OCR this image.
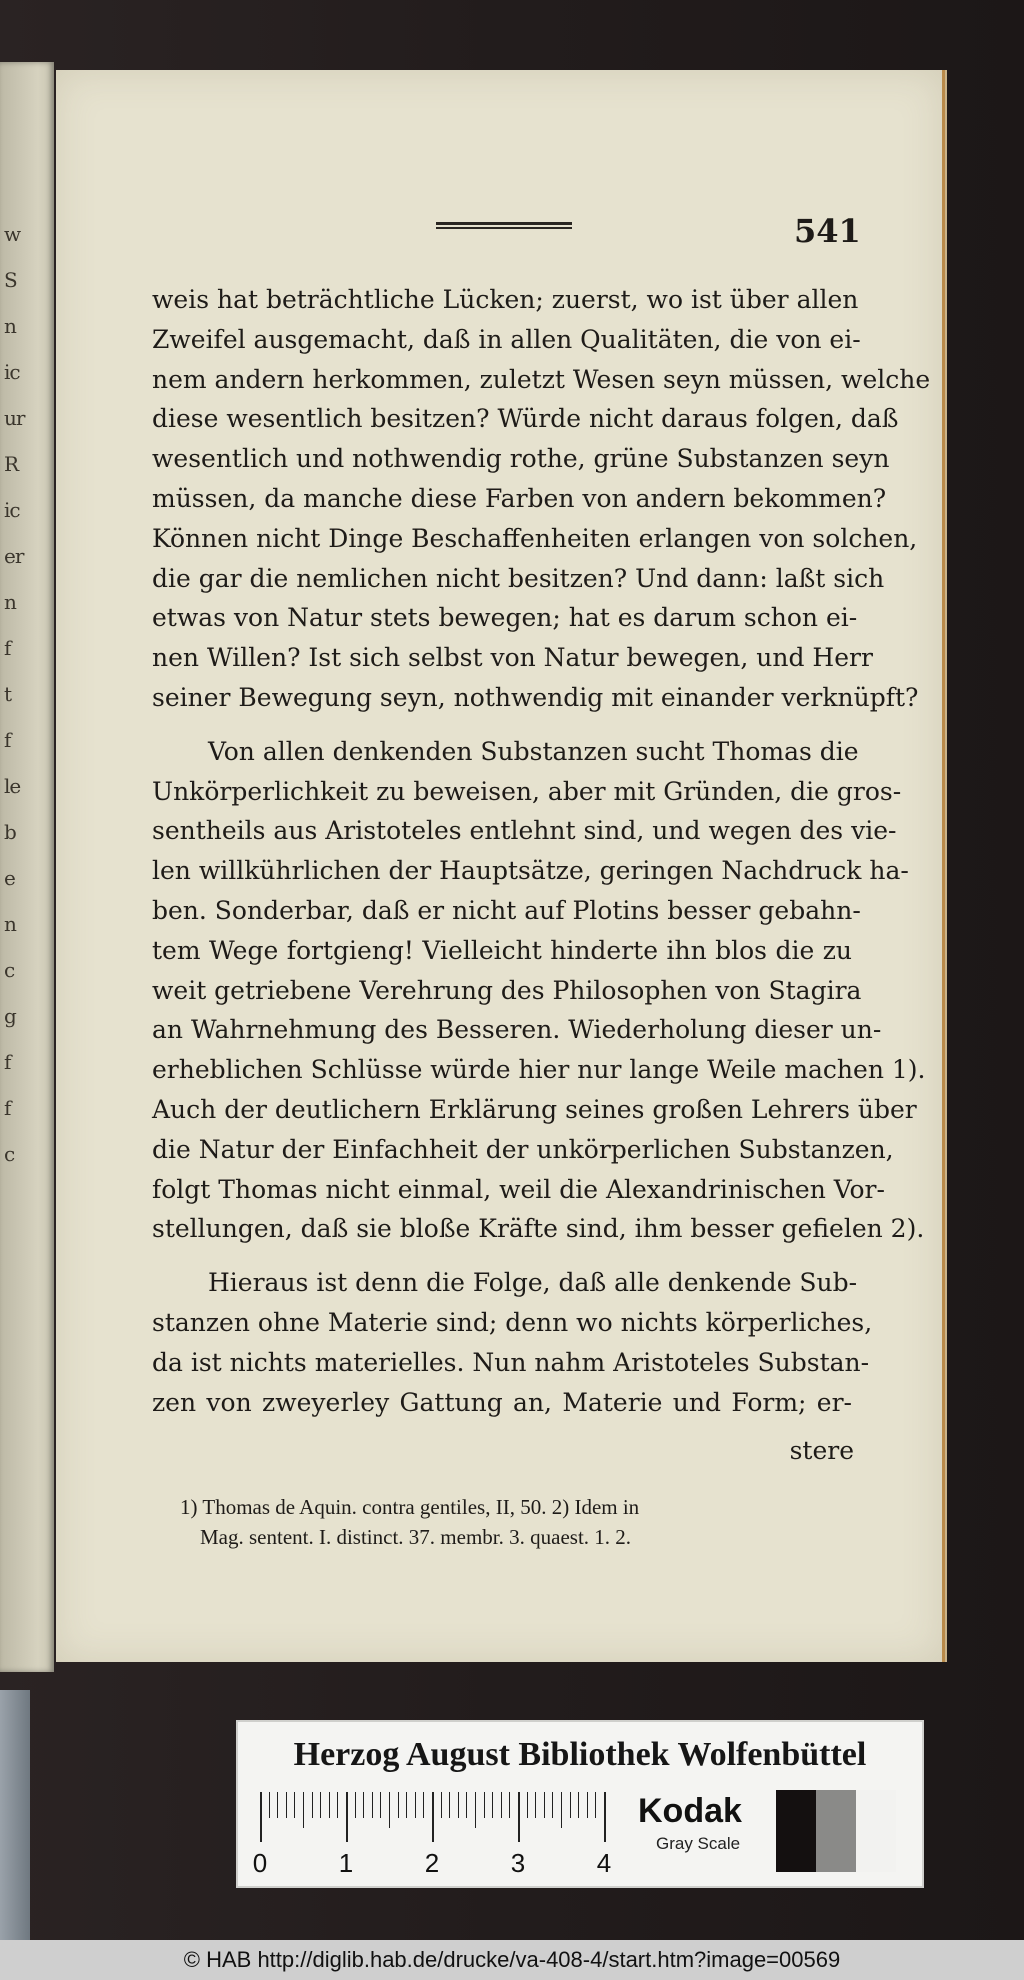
w
S
n
ic
ur
R
ic
er
n
f
t
f
le
b
e
n
c
g
f
f
c
541
weis hat beträchtliche Lücken; zuerst, wo ist über allen
Zweifel ausgemacht, daß in allen Qualitäten, die von ei-
nem andern herkommen, zuletzt Wesen seyn müssen, welche
diese wesentlich besitzen? Würde nicht daraus folgen, daß
wesentlich und nothwendig rothe, grüne Substanzen seyn
müssen, da manche diese Farben von andern bekommen?
Können nicht Dinge Beschaffenheiten erlangen von solchen,
die gar die nemlichen nicht besitzen? Und dann: laßt sich
etwas von Natur stets bewegen; hat es darum schon ei-
nen Willen? Ist sich selbst von Natur bewegen, und Herr
seiner Bewegung seyn, nothwendig mit einander verknüpft?
Von allen denkenden Substanzen sucht Thomas die
Unkörperlichkeit zu beweisen, aber mit Gründen, die gros-
sentheils aus Aristoteles entlehnt sind, und wegen des vie-
len willkührlichen der Hauptsätze, geringen Nachdruck ha-
ben. Sonderbar, daß er nicht auf Plotins besser gebahn-
tem Wege fortgieng! Vielleicht hinderte ihn blos die zu
weit getriebene Verehrung des Philosophen von Stagira
an Wahrnehmung des Besseren. Wiederholung dieser un-
erheblichen Schlüsse würde hier nur lange Weile machen 1).
Auch der deutlichern Erklärung seines großen Lehrers über
die Natur der Einfachheit der unkörperlichen Substanzen,
folgt Thomas nicht einmal, weil die Alexandrinischen Vor-
stellungen, daß sie bloße Kräfte sind, ihm besser gefielen 2).
Hieraus ist denn die Folge, daß alle denkende Sub-
stanzen ohne Materie sind; denn wo nichts körperliches,
da ist nichts materielles. Nun nahm Aristoteles Substan-
zen von zweyerley Gattung an, Materie und Form; er-
stere
1) Thomas de Aquin. contra gentiles, II, 50. 2) Idem in
Mag. sentent. I. distinct. 37. membr. 3. quaest. 1. 2.
Herzog August Bibliothek Wolfenbüttel
0	1	2	3	4
Kodak
Gray Scale
© HAB http://diglib.hab.de/drucke/va-408-4/start.htm?image=00569
